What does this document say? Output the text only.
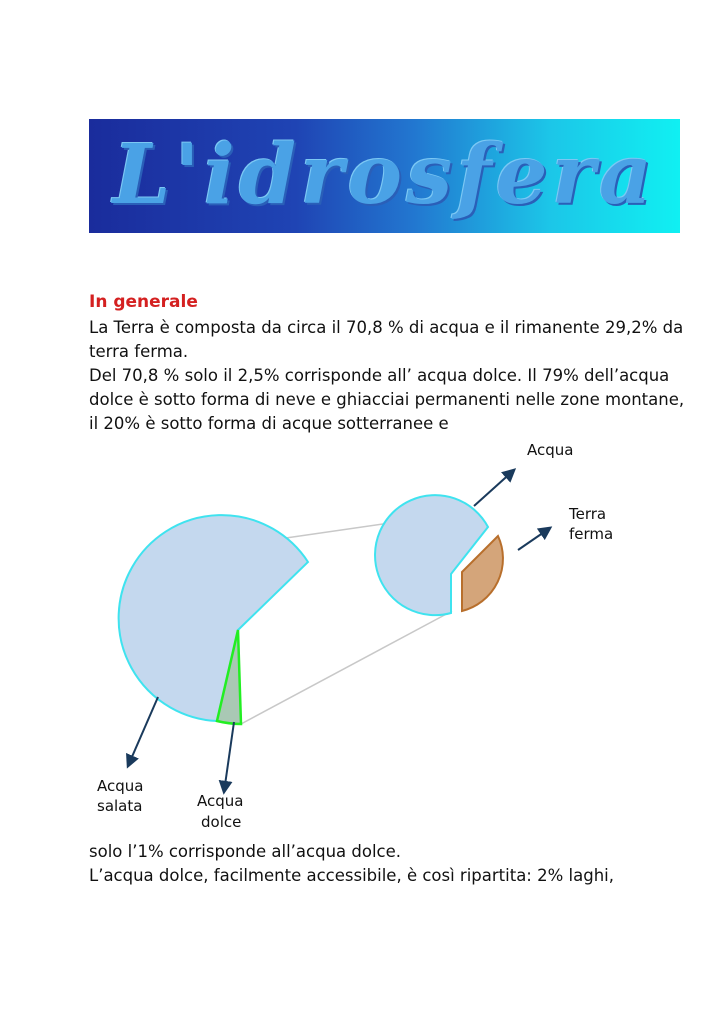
L'idrosfera
In generale

La Terra è composta da circa il 70,8 % di acqua e il rimanente 29,2% da terra ferma.

Del 70,8 % solo il 2,5% corrisponde all’ acqua dolce. Il 79% dell’acqua dolce è sotto forma di neve e ghiacciai permanenti nelle zone montane, il 20% è sotto forma di acque sotterranee e

Acqua
Terra
ferma
Acqua
salata	Acqua
dolce

solo l’1% corrisponde all’acqua dolce.

L’acqua dolce, facilmente accessibile, è così ripartita: 2% laghi,
